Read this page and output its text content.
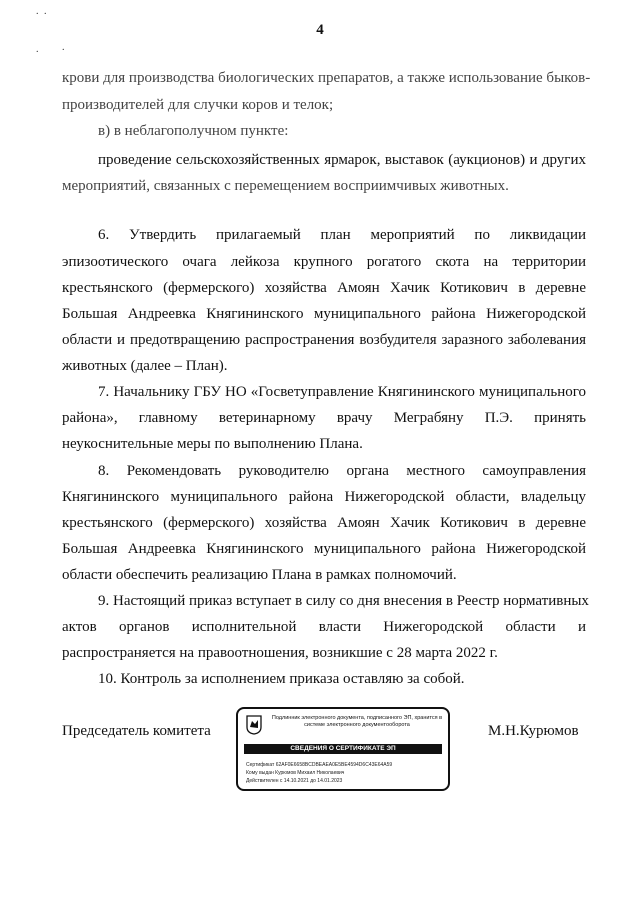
. .
. .
4
крови для производства биологических препаратов, а также использование быков-
производителей для случки коров и телок;
в) в неблагополучном пункте:
проведение сельскохозяйственных ярмарок, выставок (аукционов) и других
мероприятий, связанных с перемещением восприимчивых животных.
6. Утвердить прилагаемый план мероприятий по ликвидации
эпизоотического очага лейкоза крупного рогатого скота на территории
крестьянского (фермерского) хозяйства Амоян Хачик Котикович в деревне
Большая Андреевка Княгининского муниципального района Нижегородской
области и предотвращению распространения возбудителя заразного заболевания
животных (далее – План).
7. Начальнику ГБУ НО «Госветуправление Княгининского муниципального
района», главному ветеринарному врачу Меграбяну П.Э. принять
неукоснительные меры по выполнению Плана.
8. Рекомендовать руководителю органа местного самоуправления
Княгининского муниципального района Нижегородской области, владельцу
крестьянского (фермерского) хозяйства Амоян Хачик Котикович в деревне
Большая Андреевка Княгининского муниципального района Нижегородской
области обеспечить реализацию Плана в рамках полномочий.
9. Настоящий приказ вступает в силу со дня внесения в Реестр нормативных
актов органов исполнительной власти Нижегородской области и
распространяется на правоотношения, возникшие с 28 марта 2022 г.
10. Контроль за исполнением приказа оставляю за собой.
Председатель комитета	М.Н.Курюмов
Подлинник электронного документа, подписанного ЭП, хранится в системе электронного документооборота
СВЕДЕНИЯ О СЕРТИФИКАТЕ ЭП
Сертификат 62AF0E6658BCDBEAEA0E5BE4594D6C43E64A59
Кому выдан Курюмов Михаил Николаевич
Действителен с 14.10.2021 до 14.01.2023
